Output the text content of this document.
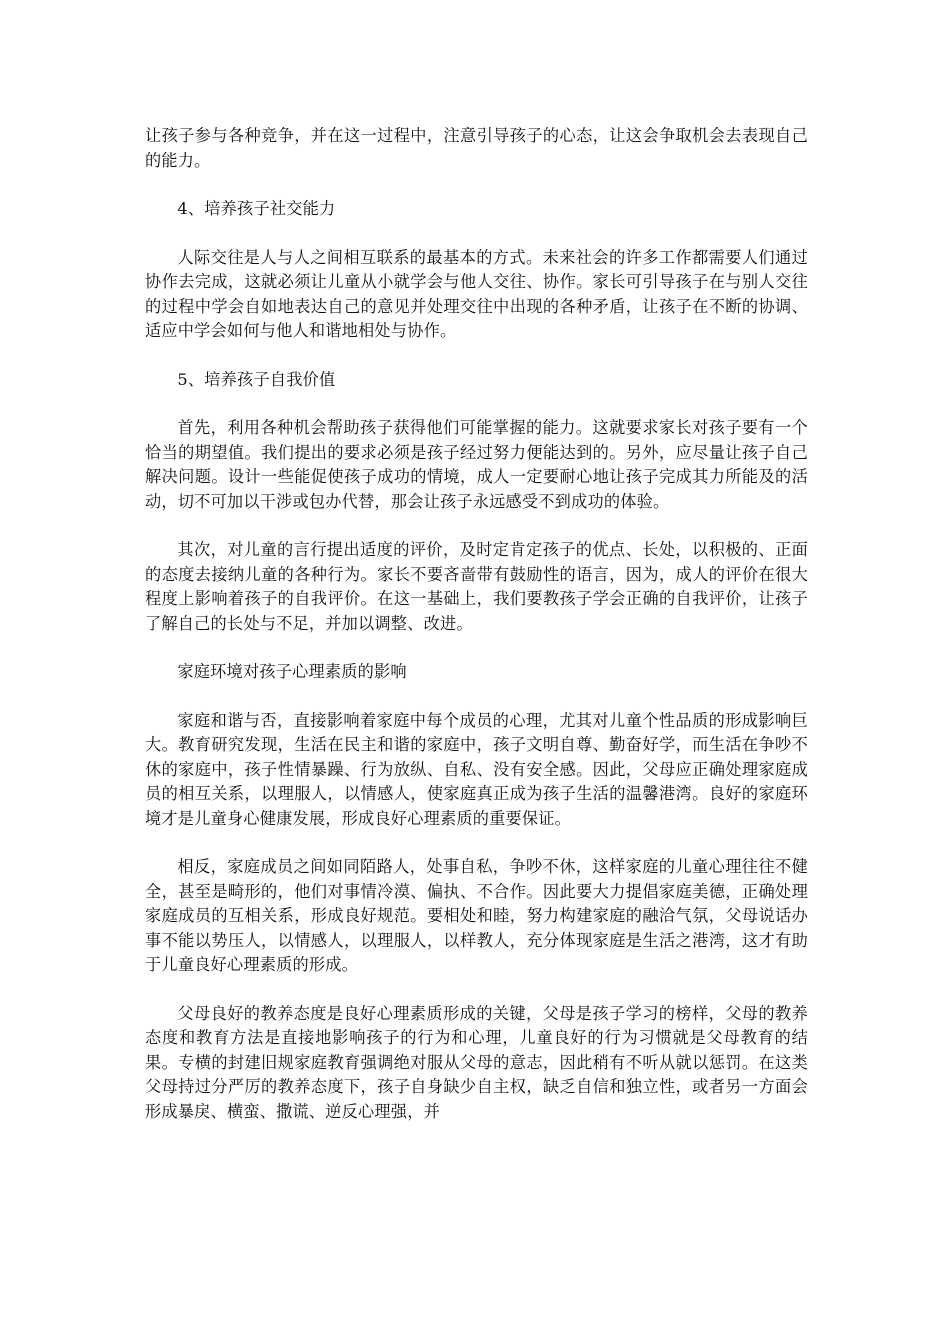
让孩子参与各种竞争，并在这一过程中，注意引导孩子的心态，让这会争取机会去表现自己的能力。

4、培养孩子社交能力

人际交往是人与人之间相互联系的最基本的方式。未来社会的许多工作都需要人们通过协作去完成，这就必须让儿童从小就学会与他人交往、协作。家长可引导孩子在与别人交往的过程中学会自如地表达自己的意见并处理交往中出现的各种矛盾，让孩子在不断的协调、适应中学会如何与他人和谐地相处与协作。

5、培养孩子自我价值

首先，利用各种机会帮助孩子获得他们可能掌握的能力。这就要求家长对孩子要有一个恰当的期望值。我们提出的要求必须是孩子经过努力便能达到的。另外，应尽量让孩子自己解决问题。设计一些能促使孩子成功的情境，成人一定要耐心地让孩子完成其力所能及的活动，切不可加以干涉或包办代替，那会让孩子永远感受不到成功的体验。

其次，对儿童的言行提出适度的评价，及时定肯定孩子的优点、长处，以积极的、正面的态度去接纳儿童的各种行为。家长不要吝啬带有鼓励性的语言，因为，成人的评价在很大程度上影响着孩子的自我评价。在这一基础上，我们要教孩子学会正确的自我评价，让孩子了解自己的长处与不足，并加以调整、改进。

家庭环境对孩子心理素质的影响

家庭和谐与否，直接影响着家庭中每个成员的心理，尤其对儿童个性品质的形成影响巨大。教育研究发现，生活在民主和谐的家庭中，孩子文明自尊、勤奋好学，而生活在争吵不休的家庭中，孩子性情暴躁、行为放纵、自私、没有安全感。因此，父母应正确处理家庭成员的相互关系，以理服人，以情感人，使家庭真正成为孩子生活的温馨港湾。良好的家庭环境才是儿童身心健康发展，形成良好心理素质的重要保证。

相反，家庭成员之间如同陌路人，处事自私，争吵不休，这样家庭的儿童心理往往不健全，甚至是畸形的，他们对事情冷漠、偏执、不合作。因此要大力提倡家庭美德，正确处理家庭成员的互相关系，形成良好规范。要相处和睦，努力构建家庭的融洽气氛，父母说话办事不能以势压人，以情感人，以理服人，以样教人，充分体现家庭是生活之港湾，这才有助于儿童良好心理素质的形成。

父母良好的教养态度是良好心理素质形成的关键，父母是孩子学习的榜样，父母的教养态度和教育方法是直接地影响孩子的行为和心理，儿童良好的行为习惯就是父母教育的结果。专横的封建旧规家庭教育强调绝对服从父母的意志，因此稍有不听从就以惩罚。在这类父母持过分严厉的教养态度下，孩子自身缺少自主权，缺乏自信和独立性，或者另一方面会形成暴戾、横蛮、撒谎、逆反心理强，并
